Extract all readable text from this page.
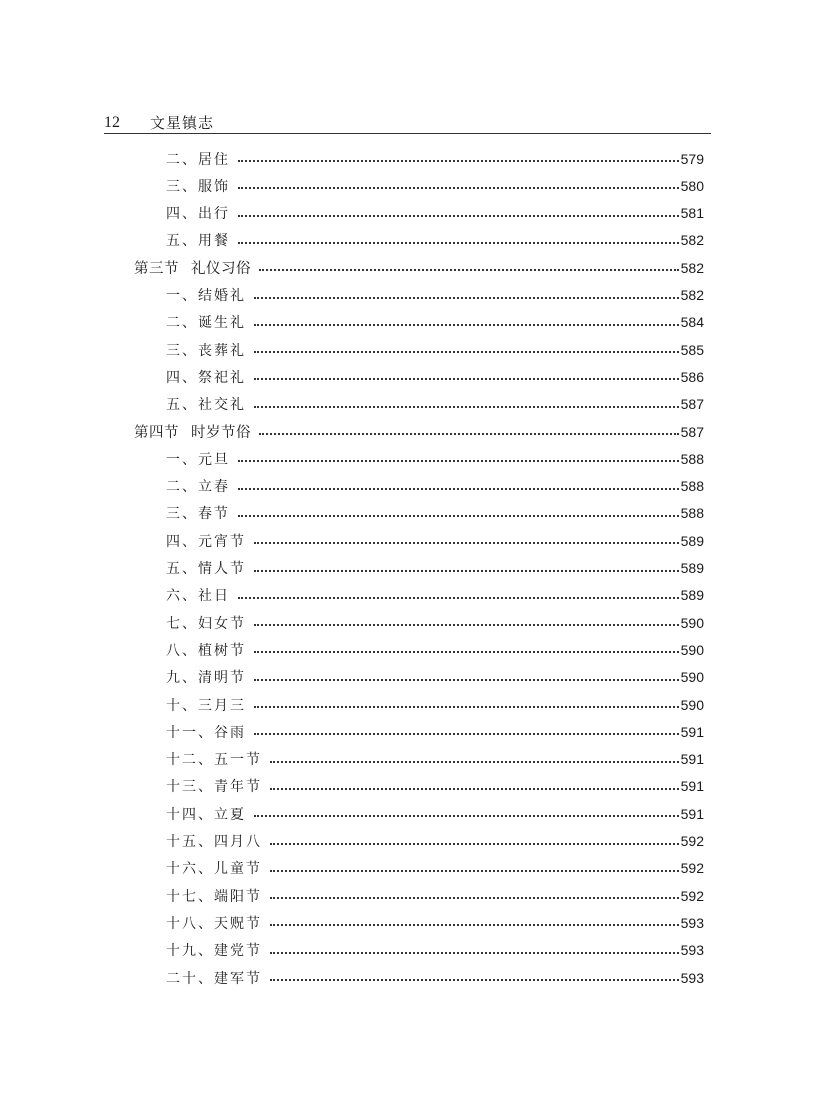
12 文星镇志
二、居住	579
三、服饰	580
四、出行	581
五、用餐	582
第三节 礼仪习俗	582
一、结婚礼	582
二、诞生礼	584
三、丧葬礼	585
四、祭祀礼	586
五、社交礼	587
第四节 时岁节俗	587
一、元旦	588
二、立春	588
三、春节	588
四、元宵节	589
五、情人节	589
六、社日	589
七、妇女节	590
八、植树节	590
九、清明节	590
十、三月三	590
十一、谷雨	591
十二、五一节	591
十三、青年节	591
十四、立夏	591
十五、四月八	592
十六、儿童节	592
十七、端阳节	592
十八、天贶节	593
十九、建党节	593
二十、建军节	593
